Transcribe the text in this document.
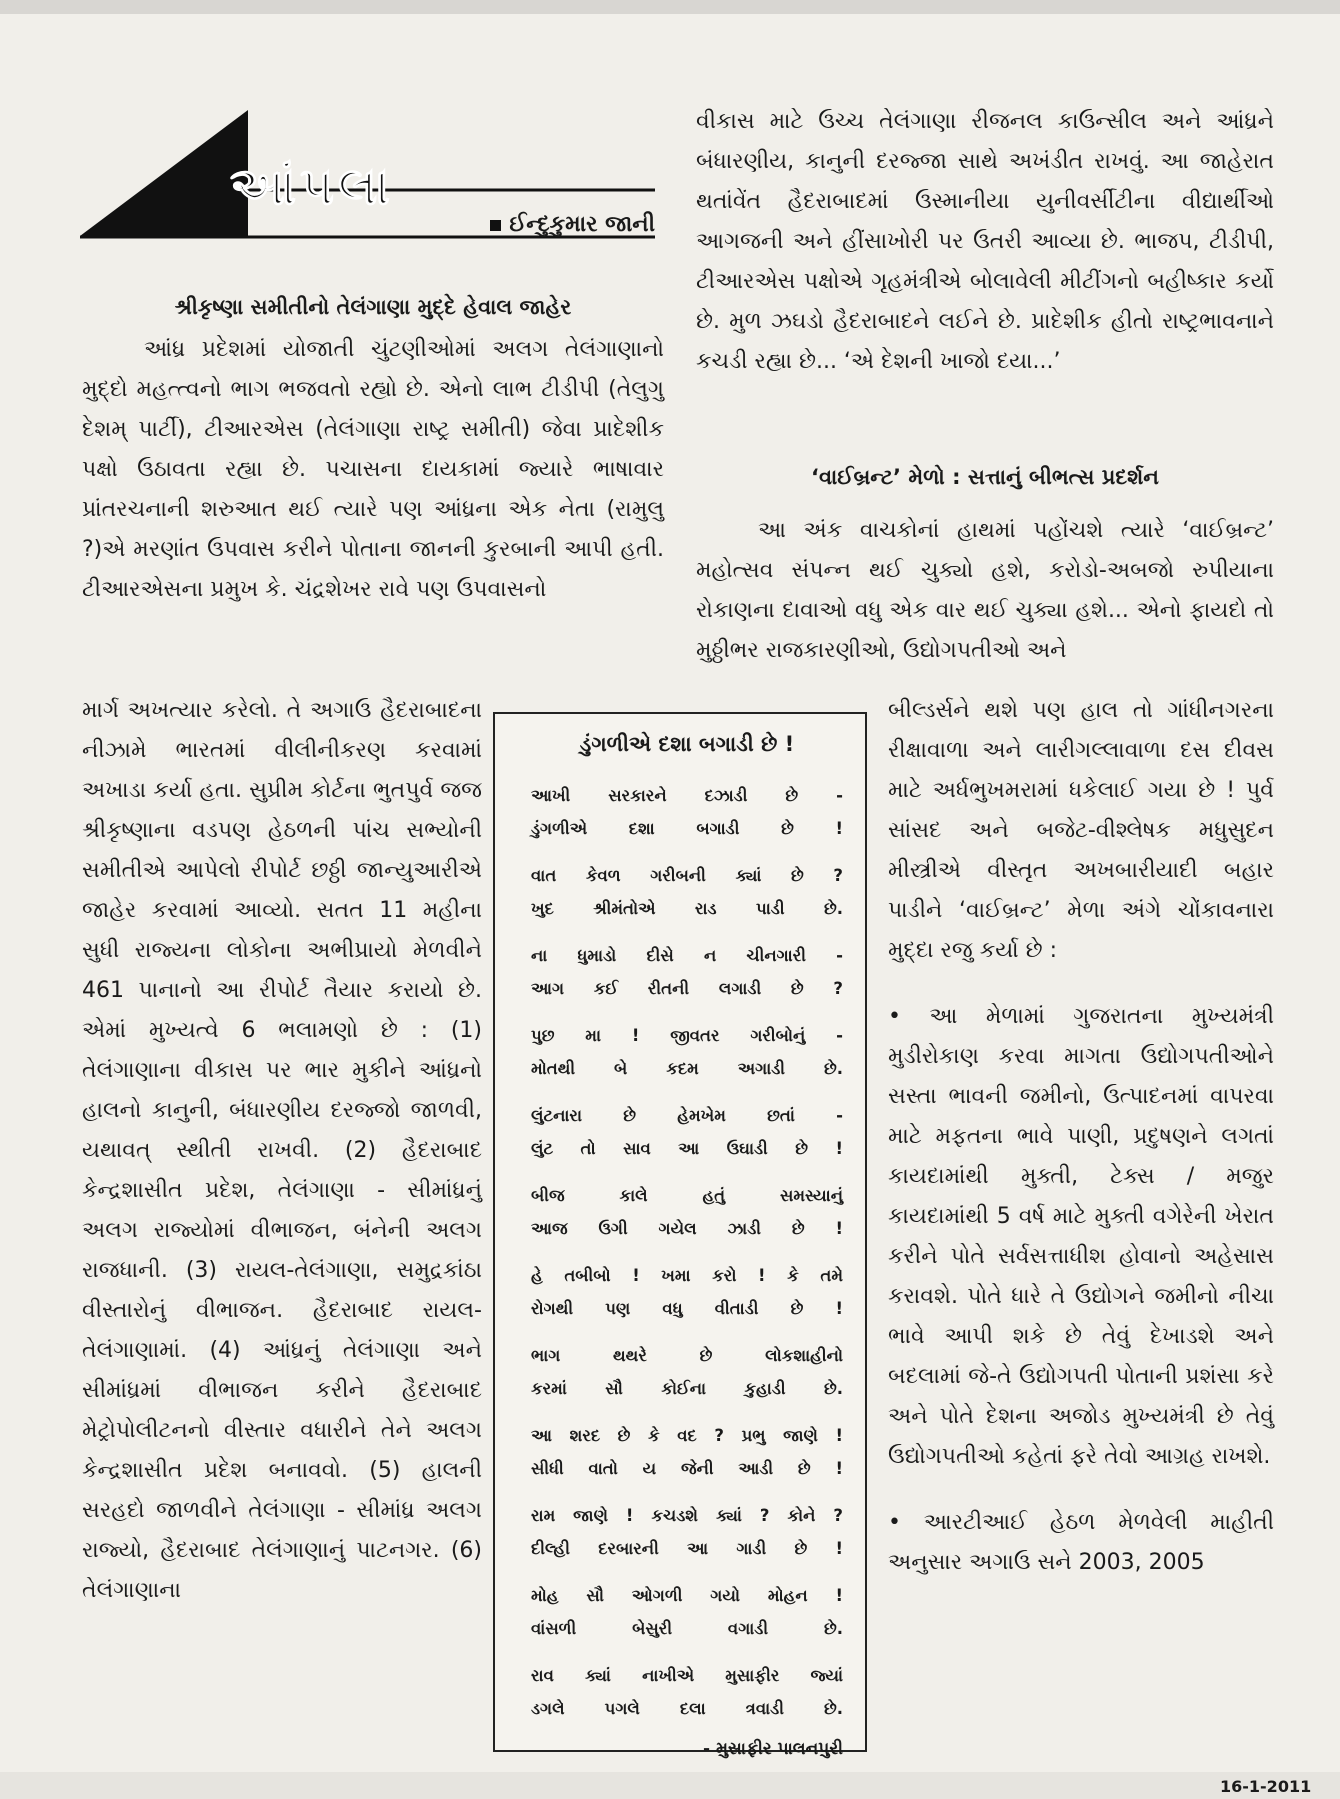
આંપલા
ઈન્દુકુમાર જાની
શ્રીકૃષ્ણા સમીતીનો તેલંગાણા મુદ્દે હેવાલ જાહેર

આંધ્ર પ્રદેશમાં યોજાતી ચુંટણીઓમાં અલગ તેલંગાણાનો મુદ્દો મહત્ત્વનો ભાગ ભજવતો રહ્યો છે. એનો લાભ ટીડીપી (તેલુગુ દેશમ્ પાર્ટી), ટીઆરએસ (તેલંગાણા રાષ્ટ્ર સમીતી) જેવા પ્રાદેશીક પક્ષો ઉઠાવતા રહ્યા છે. પચાસના દાયકામાં જ્યારે ભાષાવાર પ્રાંતરચનાની શરુઆત થઈ ત્યારે પણ આંધ્રના એક નેતા (રામુલુ ?)એ મરણાંત ઉપવાસ કરીને પોતાના જાનની કુરબાની આપી હતી. ટીઆરએસના પ્રમુખ કે. ચંદ્રશેખર રાવે પણ ઉપવાસનો

માર્ગ અખત્યાર કરેલો. તે અગાઉ હૈદરાબાદના નીઝામે ભારતમાં વીલીનીકરણ કરવામાં અખાડા કર્યા હતા. સુપ્રીમ કોર્ટના ભુતપુર્વ જજ શ્રીકૃષ્ણાના વડપણ હેઠળની પાંચ સભ્યોની સમીતીએ આપેલો રીપોર્ટ છઠ્ઠી જાન્યુઆરીએ જાહેર કરવામાં આવ્યો. સતત 11 મહીના સુધી રાજ્યના લોકોના અભીપ્રાયો મેળવીને 461 પાનાનો આ રીપોર્ટ તૈયાર કરાયો છે. એમાં મુખ્યત્વે 6 ભલામણો છે : (1) તેલંગાણાના વીકાસ પર ભાર મુકીને આંધ્રનો હાલનો કાનુની, બંધારણીય દરજ્જો જાળવી, યથાવત્ સ્થીતી રાખવી. (2) હૈદરાબાદ કેન્દ્રશાસીત પ્રદેશ, તેલંગાણા - સીમાંધ્રનું અલગ રાજ્યોમાં વીભાજન, બંનેની અલગ રાજધાની. (3) રાયલ-તેલંગાણા, સમુદ્રકાંઠા વીસ્તારોનું વીભાજન. હૈદરાબાદ રાયલ-તેલંગાણામાં. (4) આંધ્રનું તેલંગાણા અને સીમાંધ્રમાં વીભાજન કરીને હૈદરાબાદ મેટ્રોપોલીટનનો વીસ્તાર વધારીને તેને અલગ કેન્દ્રશાસીત પ્રદેશ બનાવવો. (5) હાલની સરહદો જાળવીને તેલંગાણા - સીમાંધ્ર અલગ રાજ્યો, હૈદરાબાદ તેલંગાણાનું પાટનગર. (6) તેલંગાણાના

વીકાસ માટે ઉચ્ચ તેલંગાણા રીજનલ કાઉન્સીલ અને આંધ્રને બંધારણીય, કાનુની દરજ્જા સાથે અખંડીત રાખવું. આ જાહેરાત થતાંવેંત હૈદરાબાદમાં ઉસ્માનીયા યુનીવર્સીટીના વીદ્યાર્થીઓ આગજની અને હીંસાખોરી પર ઉતરી આવ્યા છે. ભાજપ, ટીડીપી, ટીઆરએસ પક્ષોએ ગૃહમંત્રીએ બોલાવેલી મીટીંગનો બહીષ્કાર કર્યો છે. મુળ ઝઘડો હૈદરાબાદને લઈને છે. પ્રાદેશીક હીતો રાષ્ટ્રભાવનાને કચડી રહ્યા છે... ‘એ દેશની ખાજો દયા...’

‘વાઈબ્રન્ટ’ મેળો : સત્તાનું બીભત્સ પ્રદર્શન

આ અંક વાચકોનાં હાથમાં પહોંચશે ત્યારે ‘વાઈબ્રન્ટ’ મહોત્સવ સંપન્ન થઈ ચુક્યો હશે, કરોડો-અબજો રુપીયાના રોકાણના દાવાઓ વધુ એક વાર થઈ ચુક્યા હશે... એનો ફાયદો તો મુઠ્ઠીભર રાજકારણીઓ, ઉદ્યોગપતીઓ અને

બીલ્ડર્સને થશે પણ હાલ તો ગાંધીનગરના રીક્ષાવાળા અને લારીગલ્લાવાળા દસ દીવસ માટે અર્ધભુખમરામાં ધકેલાઈ ગયા છે ! પુર્વ સાંસદ અને બજેટ-વીશ્લેષક મધુસુદન મીસ્ત્રીએ વીસ્તૃત અખબારીયાદી બહાર પાડીને ‘વાઈબ્રન્ટ’ મેળા અંગે ચોંકાવનારા મુદ્દા રજુ કર્યા છે :

• આ મેળામાં ગુજરાતના મુખ્યમંત્રી મુડીરોકાણ કરવા માગતા ઉદ્યોગપતીઓને સસ્તા ભાવની જમીનો, ઉત્પાદનમાં વાપરવા માટે મફતના ભાવે પાણી, પ્રદુષણને લગતાં કાયદામાંથી મુક્તી, ટેક્સ / મજુર કાયદામાંથી 5 વર્ષ માટે મુક્તી વગેરેની ખેરાત કરીને પોતે સર્વસત્તાધીશ હોવાનો અહેસાસ કરાવશે. પોતે ધારે તે ઉદ્યોગને જમીનો નીચા ભાવે આપી શકે છે તેવું દેખાડશે અને બદલામાં જે-તે ઉદ્યોગપતી પોતાની પ્રશંસા કરે અને પોતે દેશના અજોડ મુખ્યમંત્રી છે તેવું ઉદ્યોગપતીઓ કહેતાં ફરે તેવો આગ્રહ રાખશે.

• આરટીઆઈ હેઠળ મેળવેલી માહીતી અનુસાર અગાઉ સને 2003, 2005

ડુંગળીએ દશા બગાડી છે !
આખી સરકારને દઝાડી છે -
ડુંગળીએ દશા બગાડી છે !
વાત કેવળ ગરીબની ક્યાં છે ?
ખુદ શ્રીમંતોએ રાડ પાડી છે.
ના ધુમાડો દીસે ન ચીનગારી -
આગ કઈ રીતની લગાડી છે ?
પુછ મા ! જીવતર ગરીબોનું -
મોતથી બે કદમ અગાડી છે.
લુંટનારા છે હેમખેમ છતાં -
લુંટ તો સાવ આ ઉઘાડી છે !
બીજ કાલે હતું સમસ્યાનું
આજ ઉગી ગયેલ ઝાડી છે !
હે તબીબો ! ખમા કરો ! કે તમે
રોગથી પણ વધુ વીતાડી છે !
ભાગ થથરે છે લોકશાહીનો
કરમાં સૌ કોઈના કુહાડી છે.
આ શરદ છે કે વદ ? પ્રભુ જાણે !
સીધી વાતો ય જેની આડી છે !
રામ જાણે ! કચડશે ક્યાં ? કોને ?
દીલ્હી દરબારની આ ગાડી છે !
મોહ સૌ ઓગળી ગયો મોહન !
વાંસળી બેસુરી વગાડી છે.
રાવ ક્યાં નાખીએ મુસાફીર જ્યાં
ડગલે પગલે દલા ત્રવાડી છે.
- મુસાફીર પાલનપુરી
16-1-2011
